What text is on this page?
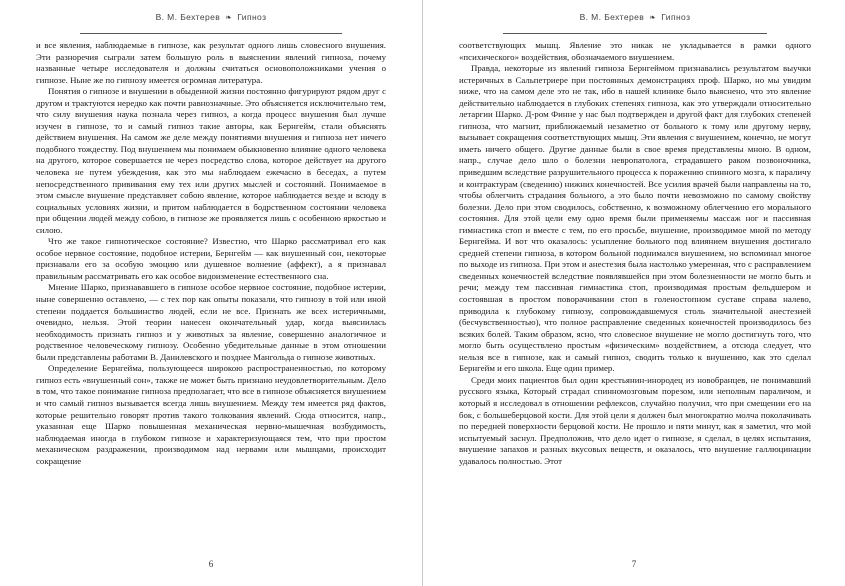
В. М. Бехтерев ❧ Гипноз

и все явления, наблюдаемые в гипнозе, как результат одного лишь словесного внушения. Эти разноречия сыграли затем большую роль в выяснении явлений гипноза, почему названные четыре исследователя и должны считаться основоположниками учения о гипнозе. Ныне же по гипнозу имеется огромная литература.

Понятия о гипнозе и внушении в обыденной жизни постоянно фигурируют рядом друг с другом и трактуются нередко как почти равнозначные. Это объясняется исключительно тем, что силу внушения наука познала через гипноз, а когда процесс внушения был лучше изучен в гипнозе, то и самый гипноз такие авторы, как Бернгейм, стали объяснять действием внушения. На самом же деле между понятиями внушения и гипноза нет ничего подобного тождеству. Под внушением мы понимаем обыкновенно влияние одного человека на другого, которое совершается не через посредство слова, которое действует на другого человека не путем убеждения, как это мы наблюдаем ежечасно в беседах, а путем непосредственного прививания ему тех или других мыслей и состояний. Понимаемое в этом смысле внушение представляет собою явление, которое наблюдается везде и всюду в социальных условиях жизни, и притом наблюдается в бодрственном состоянии человека при общении людей между собою, в гипнозе же проявляется лишь с особенною яркостью и силою.

Что же такое гипнотическое состояние? Известно, что Шарко рассматривал его как особое нервное состояние, подобное истерии, Бернгейм — как внушенный сон, некоторые признавали его за особую эмоцию или душевное волнение (аффект), а я признавал правильным рассматривать его как особое видоизменение естественного сна.

Мнение Шарко, признававшего в гипнозе особое нервное состояние, подобное истерии, ныне совершенно оставлено, — с тех пор как опыты показали, что гипнозу в той или иной степени поддается большинство людей, если не все. Признать же всех истеричными, очевидно, нельзя. Этой теории нанесен окончательный удар, когда выяснилась необходимость признать гипноз и у животных за явление, совершенно аналогичное и родственное человеческому гипнозу. Особенно убедительные данные в этом отношении были представлены работами В. Данилевского и позднее Мангольда о гипнозе животных.

Определение Бернгейма, пользующееся широкою распространенностью, по которому гипноз есть «внушенный сон», также не может быть признано неудовлетворительным. Дело в том, что такое понимание гипноза предполагает, что все в гипнозе объясняется внушением и что самый гипноз вызывается всегда лишь внушением. Между тем имеется ряд фактов, которые решительно говорят против такого толкования явлений. Сюда относится, напр., указанная еще Шарко повышенная механическая нервно-мышечная возбудимость, наблюдаемая иногда в глубоком гипнозе и характеризующаяся тем, что при простом механическом раздражении, производимом над нервами или мышцами, происходит сокращение

6
В. М. Бехтерев ❧ Гипноз

соответствующих мышц. Явление это никак не укладывается в рамки одного «психического» воздействия, обозначаемого внушением.

Правда, некоторые из явлений гипноза Бернгеймом признавались результатом выучки истеричных в Сальпетриере при постоянных демонстрациях проф. Шарко, но мы увидим ниже, что на самом деле это не так, ибо в нашей клинике было выяснено, что это явление действительно наблюдается в глубоких степенях гипноза, как это утверждали относительно летаргии Шарко. Д-ром Финне у нас был подтвержден и другой факт для глубоких степеней гипноза, что магнит, приближаемый незаметно от больного к тому или другому нерву, вызывает сокращения соответствующих мышц. Эти явления с внушением, конечно, не могут иметь ничего общего. Другие данные были в свое время представлены мною. В одном, напр., случае дело шло о болезни невропатолога, страдавшего раком позвоночника, приведшим вследствие разрушительного процесса к поражению спинного мозга, к параличу и контрактурам (сведению) нижних конечностей. Все усилия врачей были направлены на то, чтобы облегчить страдания больного, а это было почти невозможно по самому свойству болезни. Дело при этом сводилось, собственно, к возможному облегчению его морального состояния. Для этой цели ему одно время были применяемы массаж ног и пассивная гимнастика стоп и вместе с тем, по его просьбе, внушение, производимое мной по методу Бернгейма. И вот что оказалось: усыпление больного под влиянием внушения достигало средней степени гипноза, в котором больной поднимался внушением, но вспоминал многое по выходе из гипноза. При этом и анестезия была настолько умеренная, что с расправлением сведенных конечностей вследствие появлявшейся при этом болезненности не могло быть и речи; между тем пассивная гимнастика стоп, производимая простым фельдшером и состоявшая в простом поворачивании стоп в голеностопном суставе справа налево, приводила к глубокому гипнозу, сопровождавшемуся столь значительной анестезией (бесчувственностью), что полное расправление сведенных конечностей производилось без всяких болей. Таким образом, ясно, что словесное внушение не могло достигнуть того, что могло быть осуществлено простым «физическим» воздействием, а отсюда следует, что нельзя все в гипнозе, как и самый гипноз, сводить только к внушению, как это сделал Бернгейм и его школа. Еще один пример.

Среди моих пациентов был один крестьянин-инородец из новобранцев, не понимавший русского языка, Который страдал спинномозговым порезом, или неполным параличом, и который я исследовал в отношении рефлексов, случайно получил, что при смещении его на бок, с большеберцовой кости. Для этой цели я должен был многократно молча поколачивать по передней поверхности берцовой кости. Не прошло и пяти минут, как я заметил, что мой испытуемый заснул. Предположив, что дело идет о гипнозе, я сделал, в целях испытания, внушение запахов и разных вкусовых веществ, и оказалось, что внушение галлюцинации удавалось полностью. Этот

7
